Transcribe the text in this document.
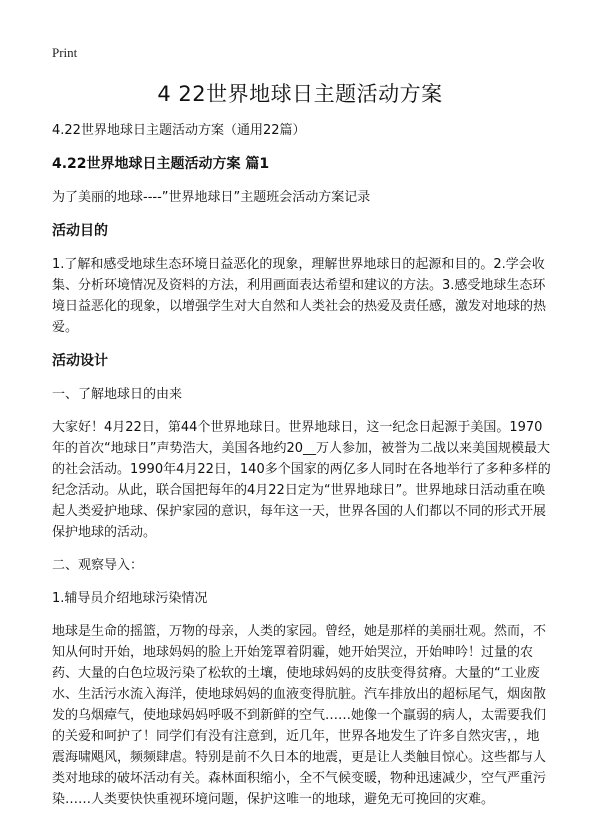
Print
4 22世界地球日主题活动方案

4.22世界地球日主题活动方案（通用22篇）

4.22世界地球日主题活动方案 篇1

为了美丽的地球----”世界地球日”主题班会活动方案记录

活动目的

1.了解和感受地球生态环境日益恶化的现象，理解世界地球日的起源和目的。2.学会收集、分析环境情况及资料的方法，利用画面表达希望和建议的方法。3.感受地球生态环境日益恶化的现象，以增强学生对大自然和人类社会的热爱及责任感，激发对地球的热爱。

活动设计

一、了解地球日的由来

大家好！4月22日，第44个世界地球日。世界地球日，这一纪念日起源于美国。1970年的首次“地球日”声势浩大，美国各地约20__万人参加，被誉为二战以来美国规模最大的社会活动。1990年4月22日，140多个国家的两亿多人同时在各地举行了多种多样的纪念活动。从此，联合国把每年的4月22日定为“世界地球日”。世界地球日活动重在唤起人类爱护地球、保护家园的意识，每年这一天，世界各国的人们都以不同的形式开展保护地球的活动。

二、观察导入：

1.辅导员介绍地球污染情况

地球是生命的摇篮，万物的母亲，人类的家园。曾经，她是那样的美丽壮观。然而，不知从何时开始，地球妈妈的脸上开始笼罩着阴霾，她开始哭泣，开始呻吟！过量的农药、大量的白色垃圾污染了松软的土壤，使地球妈妈的皮肤变得贫瘠。大量的“工业废水、生活污水流入海洋，使地球妈妈的血液变得肮脏。汽车排放出的超标尾气，烟囱散发的乌烟瘴气，使地球妈妈呼吸不到新鲜的空气……她像一个羸弱的病人，太需要我们的关爱和呵护了！同学们有没有注意到，近几年，世界各地发生了许多自然灾害，，地震海啸飓风，频频肆虐。特别是前不久日本的地震，更是让人类触目惊心。这些都与人类对地球的破坏活动有关。森林面积缩小，全不气候变暖，物种迅速减少，空气严重污染……人类要快快重视环境问题，保护这唯一的地球，避免无可挽回的灾难。
